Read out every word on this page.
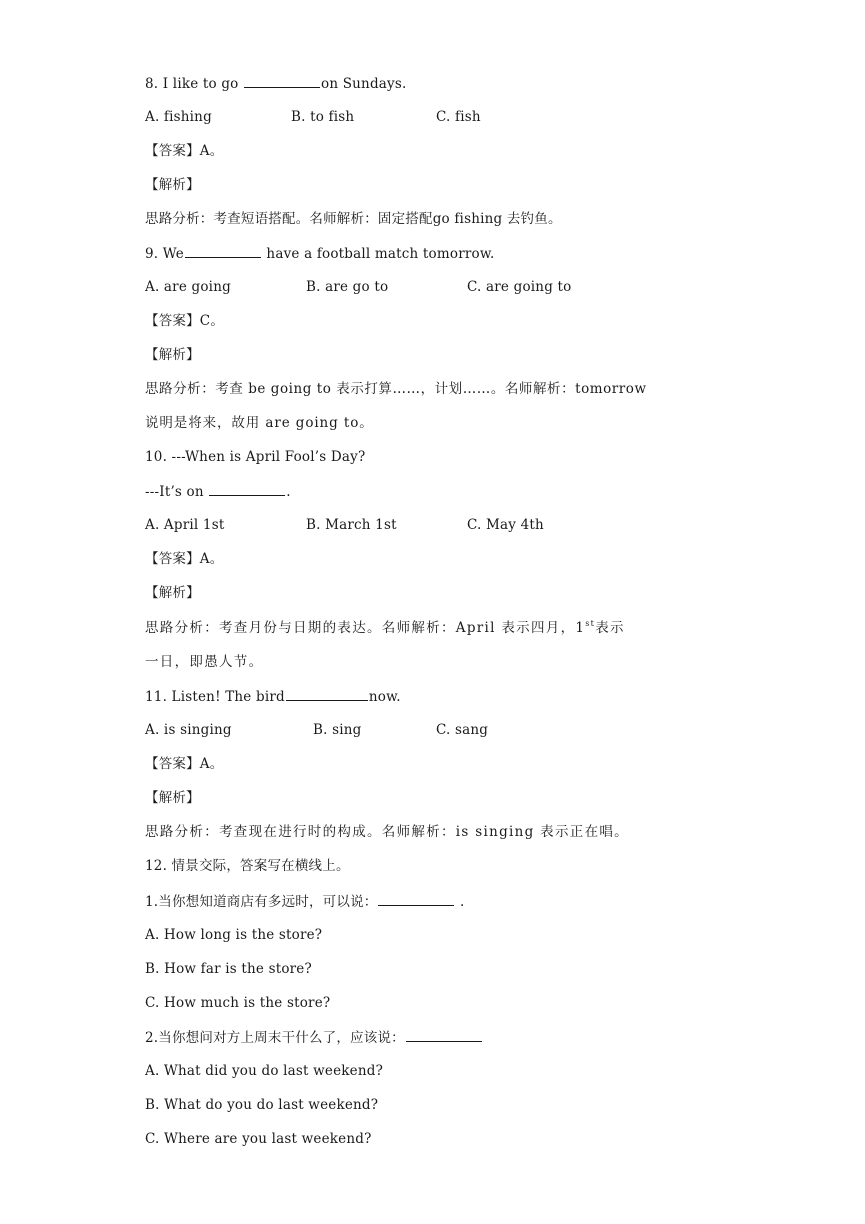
8. I like to go	on Sundays.
A. fishing	B. to fish	C. fish
【答案】A。
【解析】
思路分析：考查短语搭配。名师解析：固定搭配go fishing 去钓鱼。
9. We	have a football match tomorrow.
A. are going	B. are go to	C. are going to
【答案】C。
【解析】
思路分析：考查 be going to 表示打算……，计划……。名师解析：tomorrow
说明是将来，故用 are going to。
10. ---When is April Fool’s Day?
---It’s on	.
A. April 1st	B. March 1st	C. May 4th
【答案】A。
【解析】
思路分析：考查月份与日期的表达。名师解析：April 表示四月，1st表示
一日，即愚人节。
11. Listen! The bird	now.
A. is singing	B. sing	C. sang
【答案】A。
【解析】
思路分析：考查现在进行时的构成。名师解析：is singing 表示正在唱。
12. 情景交际，答案写在横线上。
1.当你想知道商店有多远时，可以说：	.
A. How long is the store?
B. How far is the store?
C. How much is the store?
2.当你想问对方上周末干什么了，应该说：
A. What did you do last weekend?
B. What do you do last weekend?
C. Where are you last weekend?
